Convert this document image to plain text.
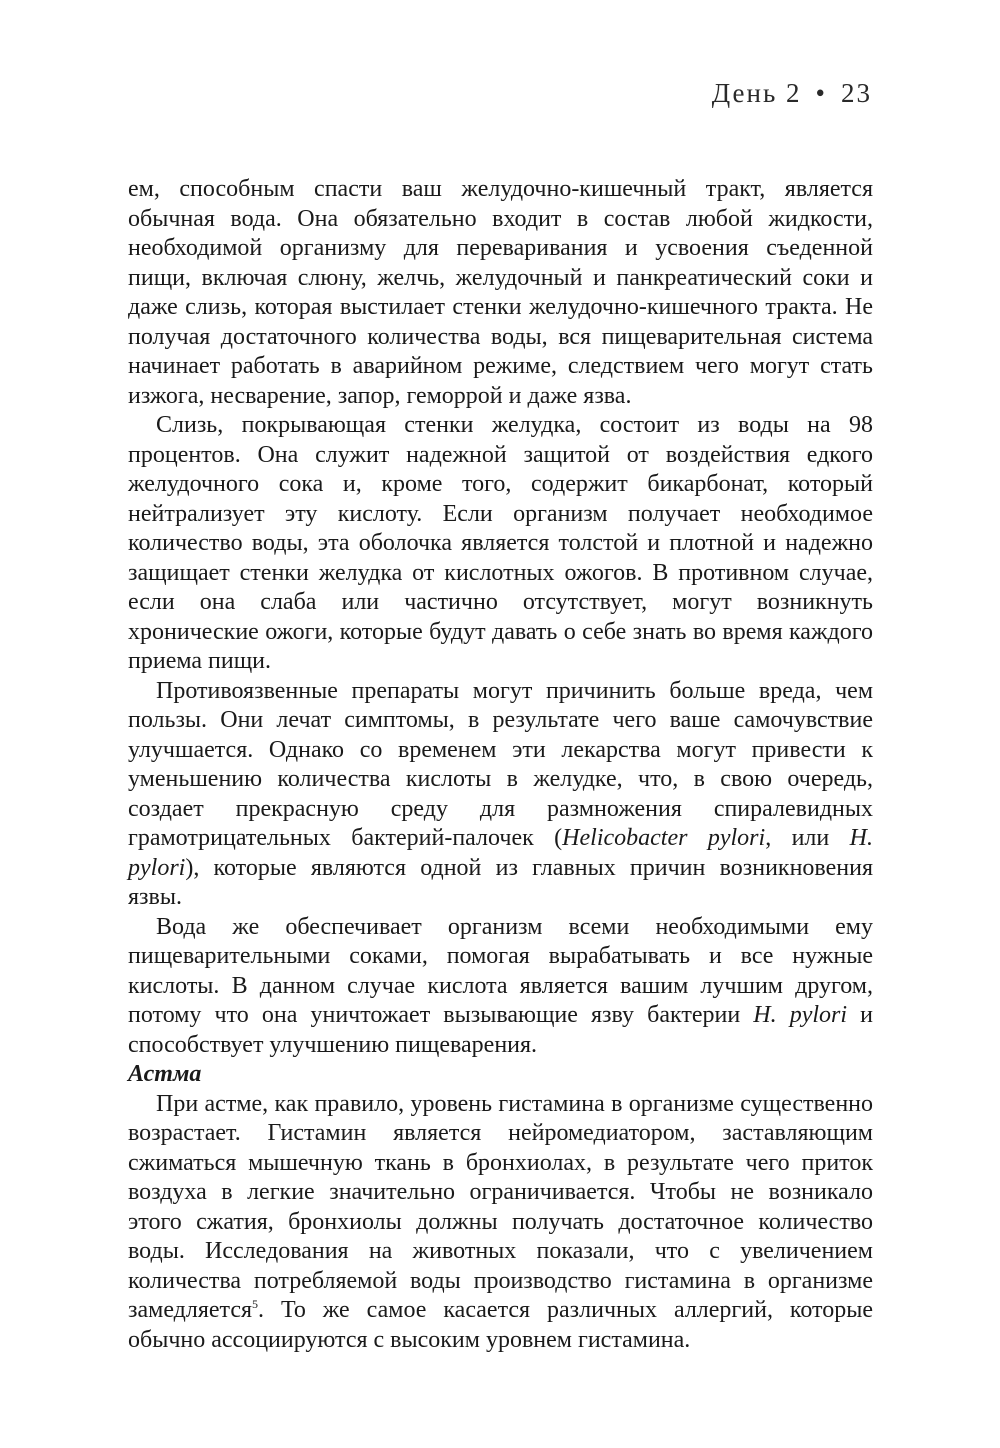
День 2 • 23

ем, способным спасти ваш желудочно-кишечный тракт, является обычная вода. Она обязательно входит в состав любой жидкости, необходимой организму для переваривания и усвоения съеденной пищи, включая слюну, желчь, желудочный и панкреатический соки и даже слизь, которая выстилает стенки желудочно-кишечного тракта. Не получая достаточного количества воды, вся пищеварительная система начинает работать в аварийном режиме, следствием чего могут стать изжога, несварение, запор, геморрой и даже язва.

Слизь, покрывающая стенки желудка, состоит из воды на 98 процентов. Она служит надежной защитой от воздействия едкого желудочного сока и, кроме того, содержит бикарбонат, который нейтрализует эту кислоту. Если организм получает необходимое количество воды, эта оболочка является толстой и плотной и надежно защищает стенки желудка от кислотных ожогов. В противном случае, если она слаба или частично отсутствует, могут возникнуть хронические ожоги, которые будут давать о себе знать во время каждого приема пищи.

Противоязвенные препараты могут причинить больше вреда, чем пользы. Они лечат симптомы, в результате чего ваше самочувствие улучшается. Однако со временем эти лекарства могут привести к уменьшению количества кислоты в желудке, что, в свою очередь, создает прекрасную среду для размножения спиралевидных грамотрицательных бактерий-палочек (Helicobacter pylori, или H. pylori), которые являются одной из главных причин возникновения язвы.

Вода же обеспечивает организм всеми необходимыми ему пищеварительными соками, помогая вырабатывать и все нужные кислоты. В данном случае кислота является вашим лучшим другом, потому что она уничтожает вызывающие язву бактерии H. pylori и способствует улучшению пищеварения.

Астма

При астме, как правило, уровень гистамина в организме существенно возрастает. Гистамин является нейромедиатором, заставляющим сжиматься мышечную ткань в бронхиолах, в результате чего приток воздуха в легкие значительно ограничивается. Чтобы не возникало этого сжатия, бронхиолы должны получать достаточное количество воды. Исследования на животных показали, что с увеличением количества потребляемой воды производство гистамина в организме замедляется$^5$. То же самое касается различных аллергий, которые обычно ассоциируются с высоким уровнем гистамина.
